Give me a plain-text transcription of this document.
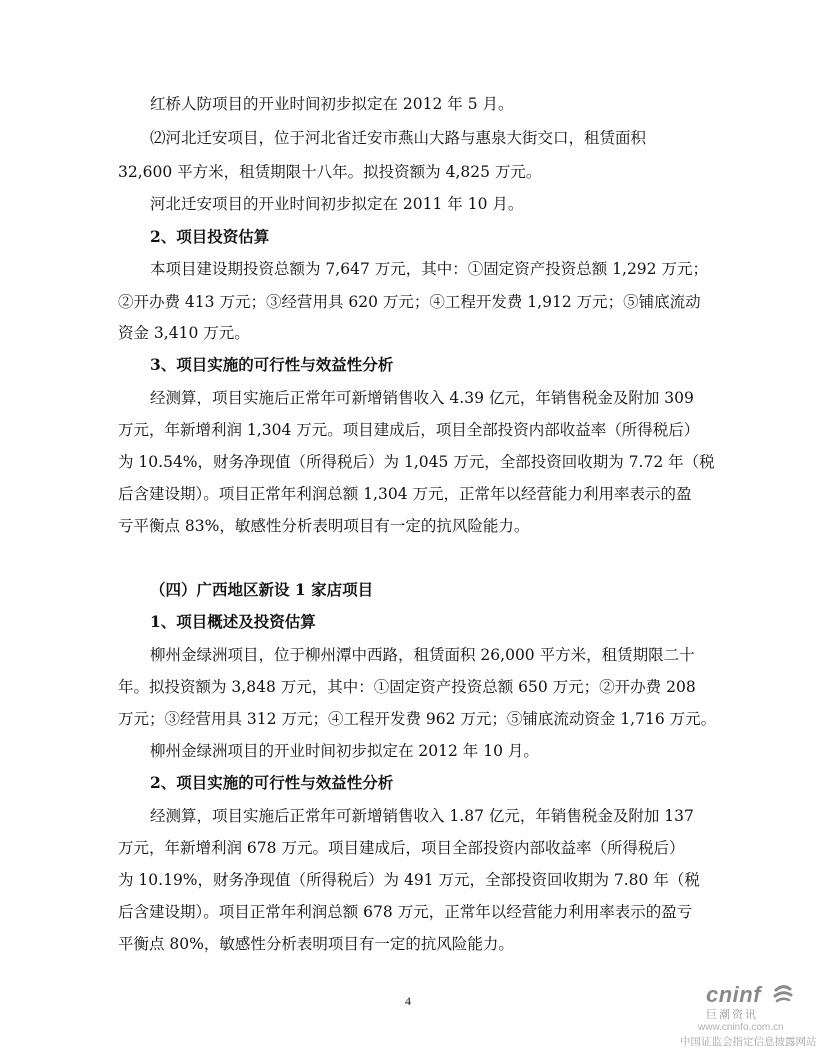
红桥人防项目的开业时间初步拟定在 2012 年 5 月。
⑵河北迁安项目，位于河北省迁安市燕山大路与惠泉大街交口，租赁面积
32,600 平方米，租赁期限十八年。拟投资额为 4,825 万元。
河北迁安项目的开业时间初步拟定在 2011 年 10 月。
2、项目投资估算
本项目建设期投资总额为 7,647 万元，其中：①固定资产投资总额 1,292 万元；
②开办费 413 万元；③经营用具 620 万元；④工程开发费 1,912 万元；⑤铺底流动
资金 3,410 万元。
3、项目实施的可行性与效益性分析
经测算，项目实施后正常年可新增销售收入 4.39 亿元，年销售税金及附加 309
万元，年新增利润 1,304 万元。项目建成后，项目全部投资内部收益率（所得税后）
为 10.54%，财务净现值（所得税后）为 1,045 万元，全部投资回收期为 7.72 年（税
后含建设期）。项目正常年利润总额 1,304 万元，正常年以经营能力利用率表示的盈
亏平衡点 83%，敏感性分析表明项目有一定的抗风险能力。
（四）广西地区新设 1 家店项目
1、项目概述及投资估算
柳州金绿洲项目，位于柳州潭中西路，租赁面积 26,000 平方米，租赁期限二十
年。拟投资额为 3,848 万元，其中：①固定资产投资总额 650 万元；②开办费 208
万元；③经营用具 312 万元；④工程开发费 962 万元；⑤铺底流动资金 1,716 万元。
柳州金绿洲项目的开业时间初步拟定在 2012 年 10 月。
2、项目实施的可行性与效益性分析
经测算，项目实施后正常年可新增销售收入 1.87 亿元，年销售税金及附加 137
万元，年新增利润 678 万元。项目建成后，项目全部投资内部收益率（所得税后）
为 10.19%，财务净现值（所得税后）为 491 万元，全部投资回收期为 7.80 年（税
后含建设期）。项目正常年利润总额 678 万元，正常年以经营能力利用率表示的盈亏
平衡点 80%，敏感性分析表明项目有一定的抗风险能力。
4	cninf
巨潮资讯
www.cninfo.com.cn
中国证监会指定信息披露网站
